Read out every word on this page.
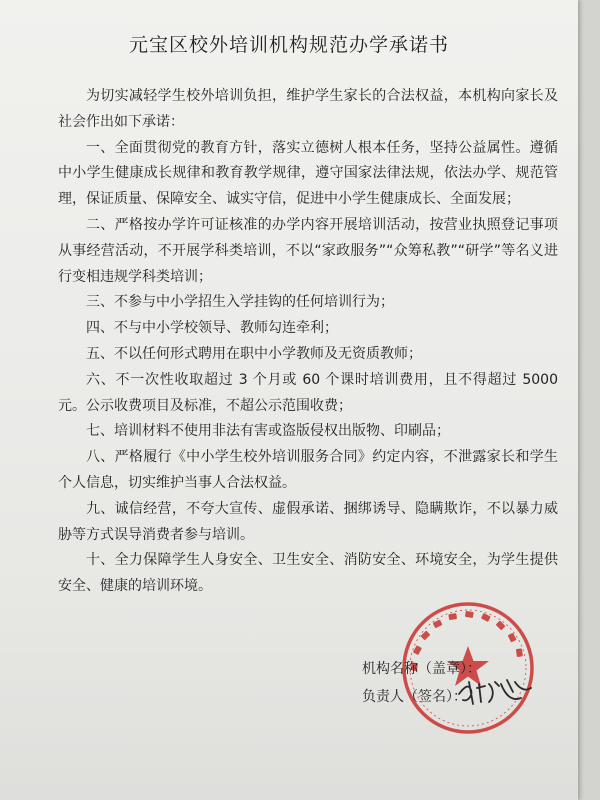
元宝区校外培训机构规范办学承诺书

为切实减轻学生校外培训负担，维护学生家长的合法权益，本机构向家长及社会作出如下承诺：

一、全面贯彻党的教育方针，落实立德树人根本任务，坚持公益属性。遵循中小学生健康成长规律和教育教学规律，遵守国家法律法规，依法办学、规范管理，保证质量、保障安全、诚实守信，促进中小学生健康成长、全面发展；

二、严格按办学许可证核准的办学内容开展培训活动，按营业执照登记事项从事经营活动，不开展学科类培训，不以“家政服务”“众筹私教”“研学”等名义进行变相违规学科类培训；

三、不参与中小学招生入学挂钩的任何培训行为；

四、不与中小学校领导、教师勾连牵利；

五、不以任何形式聘用在职中小学教师及无资质教师；

六、不一次性收取超过 3 个月或 60 个课时培训费用，且不得超过 5000 元。公示收费项目及标准，不超公示范围收费；

七、培训材料不使用非法有害或盗版侵权出版物、印刷品；

八、严格履行《中小学生校外培训服务合同》约定内容，不泄露家长和学生个人信息，切实维护当事人合法权益。

九、诚信经营，不夸大宣传、虚假承诺、捆绑诱导、隐瞒欺诈，不以暴力威胁等方式误导消费者参与培训。

十、全力保障学生人身安全、卫生安全、消防安全、环境安全，为学生提供安全、健康的培训环境。

机构名称（盖章）：
负责人（签名）：
